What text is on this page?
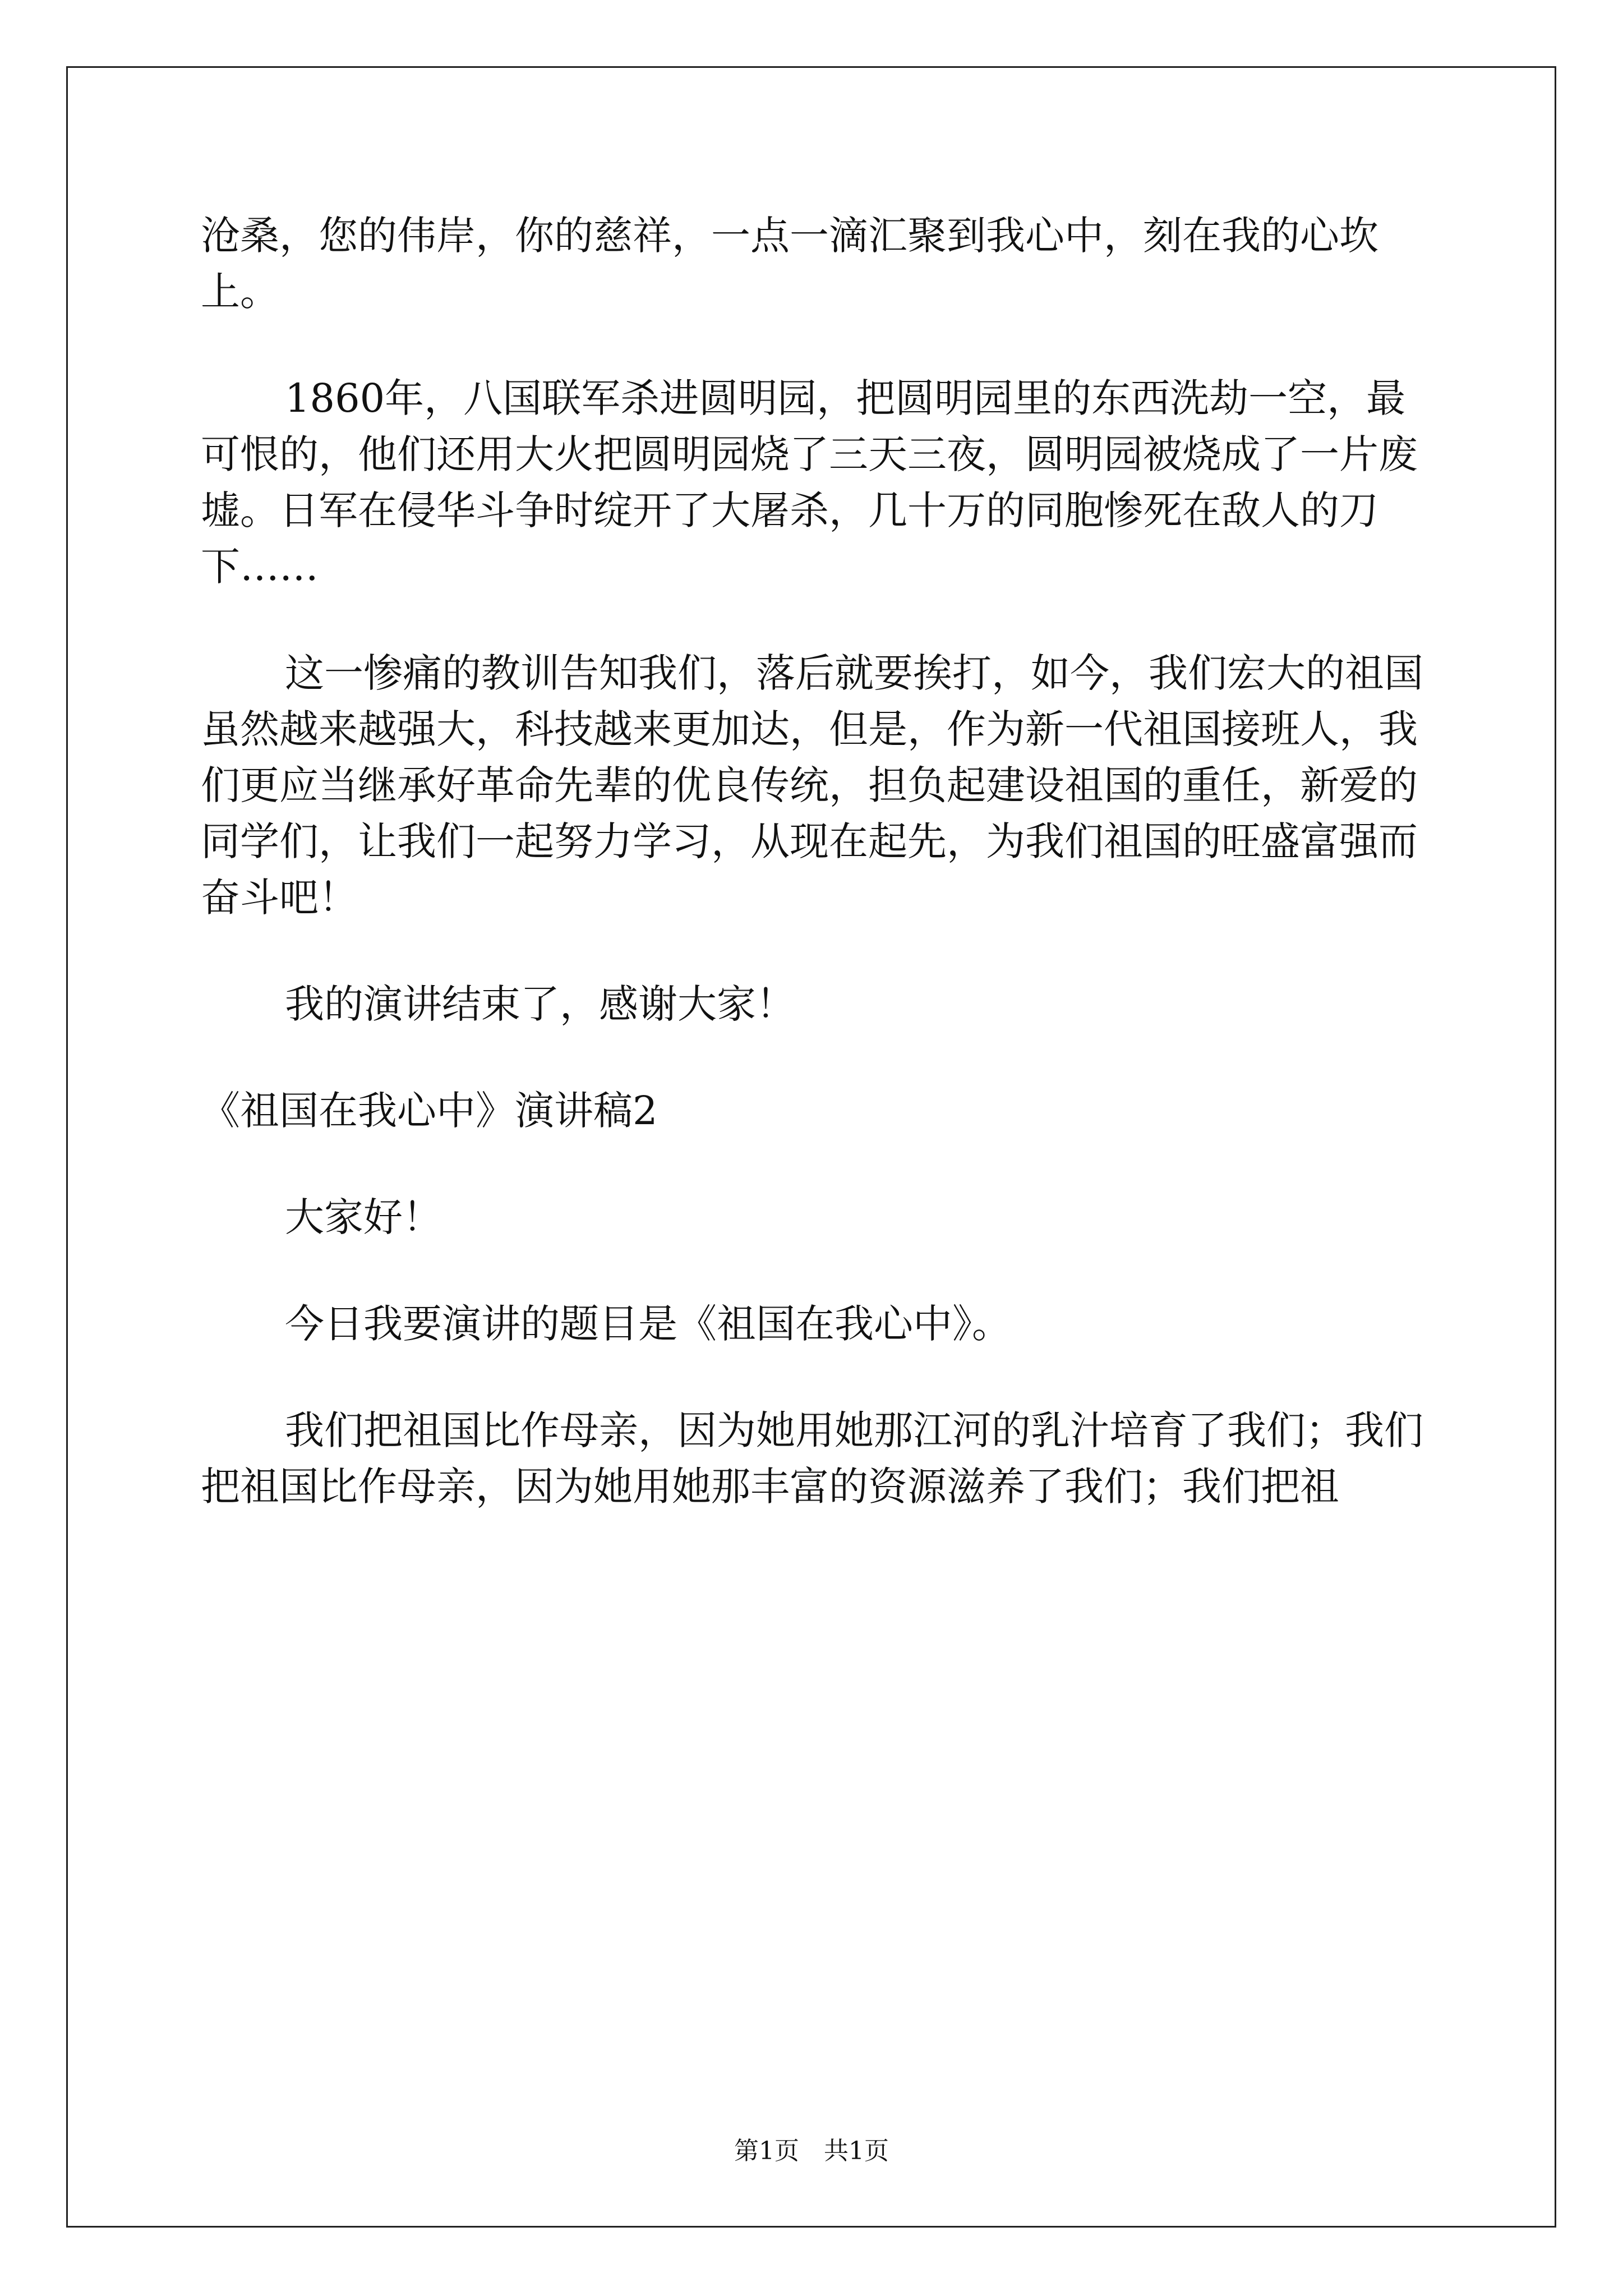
沧桑，您的伟岸，你的慈祥，一点一滴汇聚到我心中，刻在我的心坎上。

1860年，八国联军杀进圆明园，把圆明园里的东西洗劫一空，最可恨的，他们还用大火把圆明园烧了三天三夜，圆明园被烧成了一片废墟。日军在侵华斗争时绽开了大屠杀，几十万的同胞惨死在敌人的刀下……

这一惨痛的教训告知我们，落后就要挨打，如今，我们宏大的祖国虽然越来越强大，科技越来更加达，但是，作为新一代祖国接班人，我们更应当继承好革命先辈的优良传统，担负起建设祖国的重任，新爱的同学们，让我们一起努力学习，从现在起先，为我们祖国的旺盛富强而奋斗吧！

我的演讲结束了，感谢大家！

《祖国在我心中》演讲稿2

大家好！

今日我要演讲的题目是《祖国在我心中》。

我们把祖国比作母亲，因为她用她那江河的乳汁培育了我们；我们把祖国比作母亲，因为她用她那丰富的资源滋养了我们；我们把祖

第1页 共1页
